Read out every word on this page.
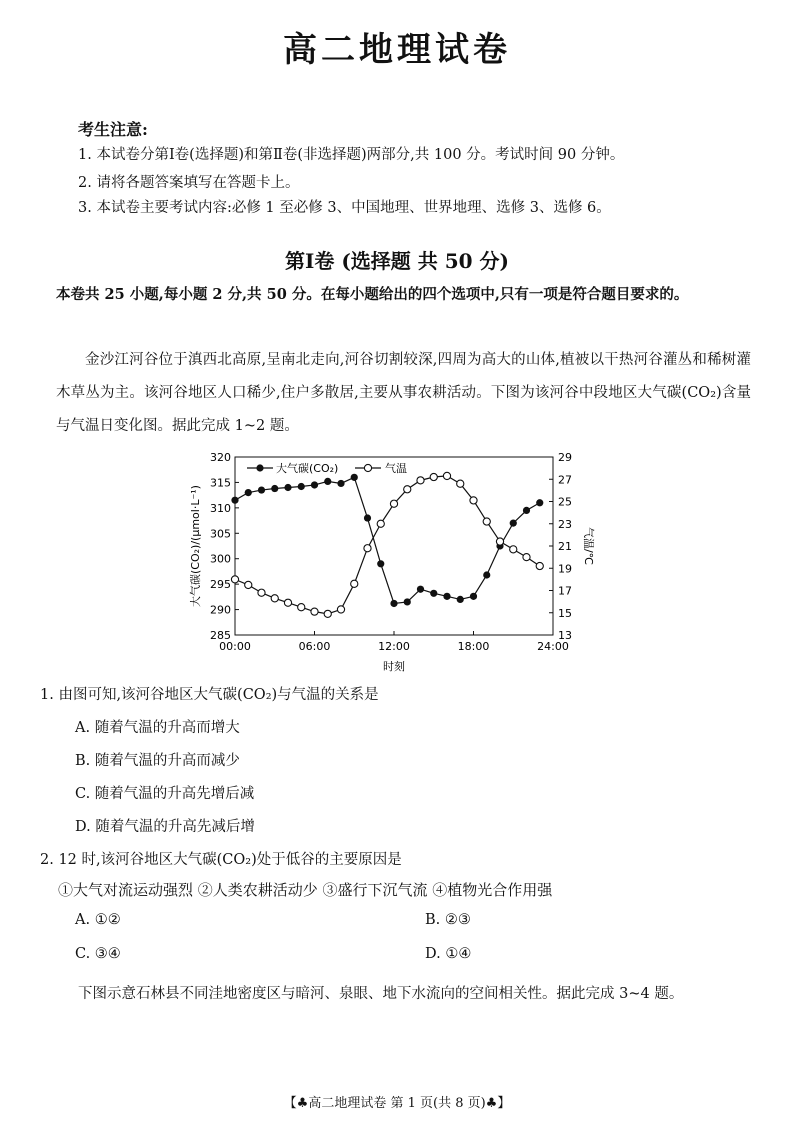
高二地理试卷
考生注意:
1. 本试卷分第Ⅰ卷(选择题)和第Ⅱ卷(非选择题)两部分,共 100 分。考试时间 90 分钟。
2. 请将各题答案填写在答题卡上。
3. 本试卷主要考试内容:必修 1 至必修 3、中国地理、世界地理、选修 3、选修 6。
第Ⅰ卷 (选择题 共 50 分)
本卷共 25 小题,每小题 2 分,共 50 分。在每小题给出的四个选项中,只有一项是符合题目要求的。
金沙江河谷位于滇西北高原,呈南北走向,河谷切割较深,四周为高大的山体,植被以干热河谷灌丛和稀树灌木草丛为主。该河谷地区人口稀少,住户多散居,主要从事农耕活动。下图为该河谷中段地区大气碳(CO₂)含量与气温日变化图。据此完成 1~2 题。
285
290
295
300
305
310
315
320
13
15
17
19
21
23
25
27
29
00:00	06:00	12:00	18:00	24:00
大气碳(CO₂)	气温
大气碳(CO₂)/(μmol·L⁻¹)	气温/℃
时刻
1. 由图可知,该河谷地区大气碳(CO₂)与气温的关系是
A. 随着气温的升高而增大
B. 随着气温的升高而减少
C. 随着气温的升高先增后减
D. 随着气温的升高先减后增
2. 12 时,该河谷地区大气碳(CO₂)处于低谷的主要原因是
①大气对流运动强烈 ②人类农耕活动少 ③盛行下沉气流 ④植物光合作用强
A. ①②	B. ②③
C. ③④	D. ①④
下图示意石林县不同洼地密度区与暗河、泉眼、地下水流向的空间相关性。据此完成 3~4 题。
【♣高二地理试卷 第 1 页(共 8 页)♣】
